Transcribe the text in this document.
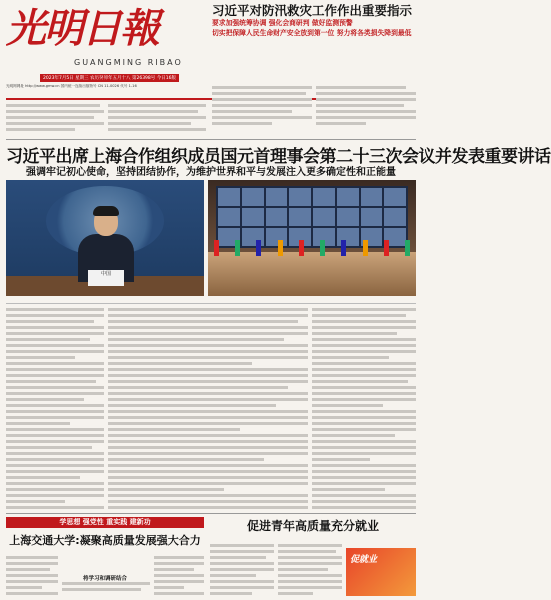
光明日報
GUANGMING RIBAO
2023年7月5日 星期三 农历癸卯年五月十八 第26398号 今日16版
习近平对防汛救灾工作作出重要指示
要求加强统筹协调 强化会商研判 做好监测预警
切实把保障人民生命财产安全放到第一位 努力将各类损失降到最低
光明网网址 http://www.gmw.cn 国内统一连续出版物号 CN 11-0026 代号 1-16
习近平出席上海合作组织成员国元首理事会第二十三次会议并发表重要讲话
强调牢记初心使命，坚持团结协作，为维护世界和平与发展注入更多确定性和正能量
中国
学思想 强党性 重实践 建新功
上海交通大学:凝聚高质量发展强大合力
将学习和调研结合
促进青年高质量充分就业
促就业
